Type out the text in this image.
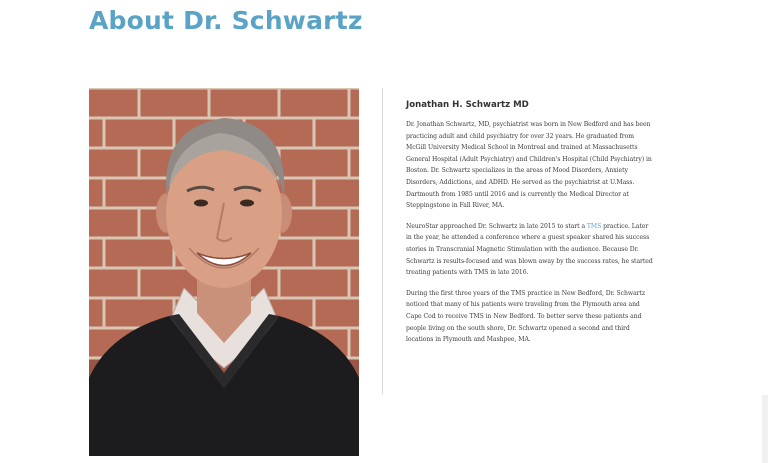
About Dr. Schwartz
Jonathan H. Schwartz MD

Dr. Jonathan Schwartz, MD, psychiatrist was born in New Bedford and has been practicing adult and child psychiatry for over 32 years. He graduated from McGill University Medical School in Montreal and trained at Massachusetts General Hospital (Adult Psychiatry) and Children's Hospital (Child Psychiatry) in Boston. Dr. Schwartz specializes in the areas of Mood Disorders, Anxiety Disorders, Addictions, and ADHD. He served as the psychiatrist at U.Mass. Dartmouth from 1985 until 2016 and is currently the Medical Director at Steppingstone in Fall River, MA.

NeuroStar approached Dr. Schwartz in late 2015 to start a TMS practice. Later in the year, he attended a conference where a guest speaker shared his success stories in Transcranial Magnetic Stimulation with the audience. Because Dr. Schwartz is results-focused and was blown away by the success rates, he started treating patients with TMS in late 2016.

During the first three years of the TMS practice in New Bedford, Dr. Schwartz noticed that many of his patients were traveling from the Plymouth area and Cape Cod to receive TMS in New Bedford. To better serve these patients and people living on the south shore, Dr. Schwartz opened a second and third locations in Plymouth and Mashpee, MA.
